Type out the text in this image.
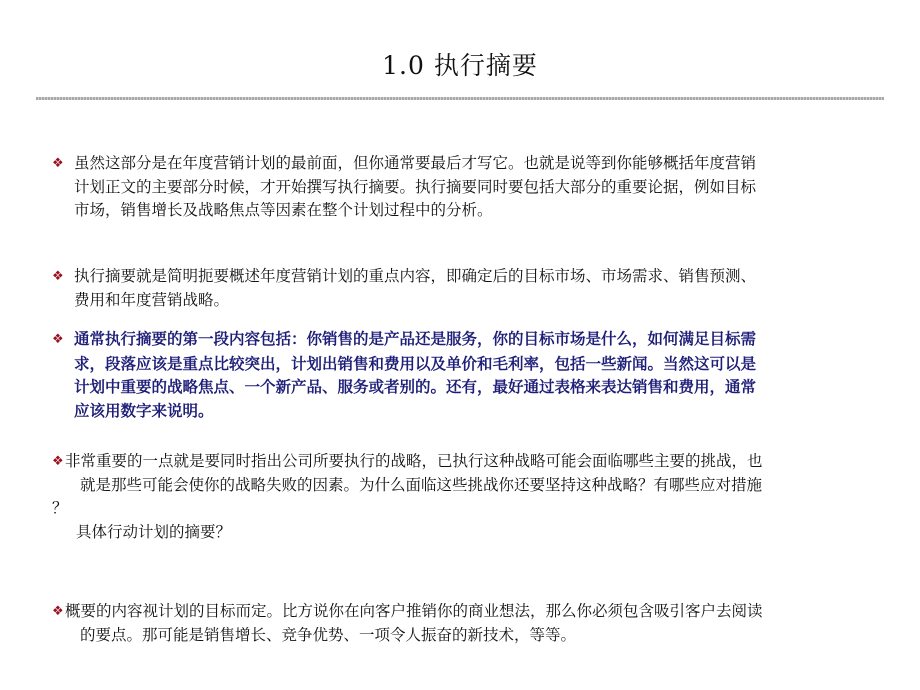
1.0 执行摘要
❖ 虽然这部分是在年度营销计划的最前面，但你通常要最后才写它。也就是说等到你能够概括年度营销
计划正文的主要部分时候，才开始撰写执行摘要。执行摘要同时要包括大部分的重要论据，例如目标
市场，销售增长及战略焦点等因素在整个计划过程中的分析。
❖ 执行摘要就是简明扼要概述年度营销计划的重点内容，即确定后的目标市场、市场需求、销售预测、
费用和年度营销战略。
❖ 通常执行摘要的第一段内容包括：你销售的是产品还是服务，你的目标市场是什么，如何满足目标需
求，段落应该是重点比较突出，计划出销售和费用以及单价和毛利率，包括一些新闻。当然这可以是
计划中重要的战略焦点、一个新产品、服务或者别的。还有，最好通过表格来表达销售和费用，通常
应该用数字来说明。
❖非常重要的一点就是要同时指出公司所要执行的战略，已执行这种战略可能会面临哪些主要的挑战，也
就是那些可能会使你的战略失败的因素。为什么面临这些挑战你还要坚持这种战略？有哪些应对措施
？
具体行动计划的摘要？
❖概要的内容视计划的目标而定。比方说你在向客户推销你的商业想法，那么你必须包含吸引客户去阅读
的要点。那可能是销售增长、竞争优势、一项令人振奋的新技术，等等。
